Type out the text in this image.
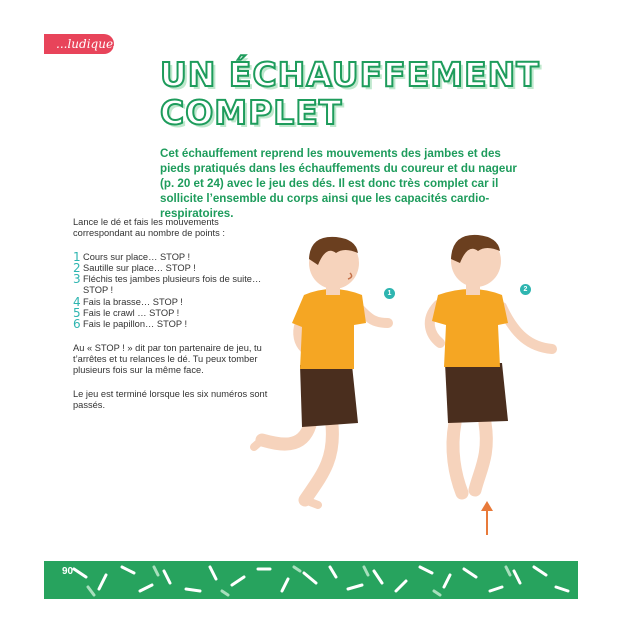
...ludiques
UN ÉCHAUFFEMENT
COMPLET

Cet échauffement reprend les mouvements des jambes et des pieds pratiqués dans les échauffements du coureur et du nageur (p. 20 et 24) avec le jeu des dés. Il est donc très complet car il sollicite l’ensemble du corps ainsi que les capacités cardio-respiratoires.

Lance le dé et fais les mouvements correspondant au nombre de points :

1 Cours sur place… STOP !
2 Sautille sur place… STOP !
3 Fléchis tes jambes plusieurs fois de suite… STOP !
4 Fais la brasse… STOP !
5 Fais le crawl … STOP !
6 Fais le papillon… STOP !

Au « STOP ! » dit par ton partenaire de jeu, tu t’arrêtes et tu relances le dé. Tu peux tomber plusieurs fois sur la même face.

Le jeu est terminé lorsque les six numéros sont passés.

1
2
90
